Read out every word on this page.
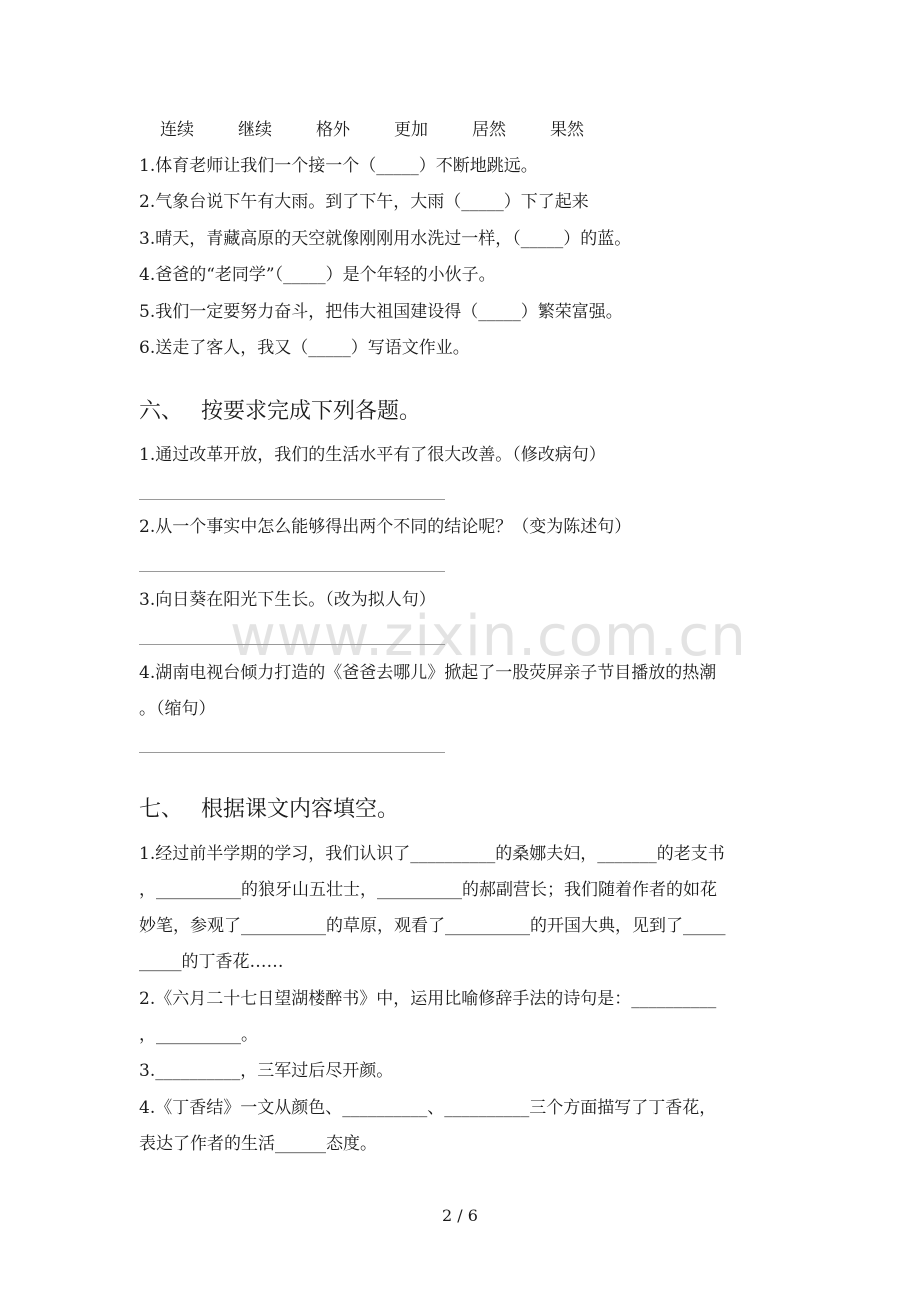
www.zixin.com.cn
连续	继续	格外	更加	居然	果然
1.体育老师让我们一个接一个（_____）不断地跳远。
2.气象台说下午有大雨。到了下午，大雨（_____）下了起来
3.晴天，青藏高原的天空就像刚刚用水洗过一样，（_____）的蓝。
4.爸爸的“老同学”（_____）是个年轻的小伙子。
5.我们一定要努力奋斗，把伟大祖国建设得（_____）繁荣富强。
6.送走了客人，我又（_____）写语文作业。
六、 按要求完成下列各题。
1.通过改革开放，我们的生活水平有了很大改善。（修改病句）
2.从一个事实中怎么能够得出两个不同的结论呢？（变为陈述句）
3.向日葵在阳光下生长。（改为拟人句）
4.湖南电视台倾力打造的《爸爸去哪儿》掀起了一股荧屏亲子节目播放的热潮
。（缩句）
七、 根据课文内容填空。
1.经过前半学期的学习，我们认识了__________的桑娜夫妇，_______的老支书
，__________的狼牙山五壮士，__________的郝副营长；我们随着作者的如花
妙笔，参观了__________的草原，观看了__________的开国大典，见到了_____
_____的丁香花……
2.《六月二十七日望湖楼醉书》中，运用比喻修辞手法的诗句是：__________
，__________。
3.__________，三军过后尽开颜。
4.《丁香结》一文从颜色、__________、__________三个方面描写了丁香花，
表达了作者的生活______态度。
2 / 6
